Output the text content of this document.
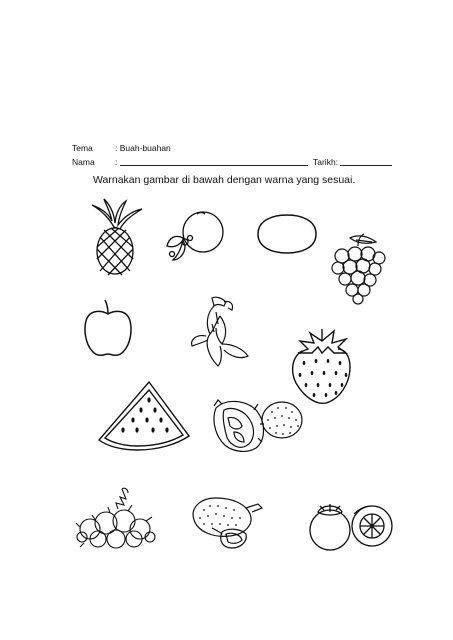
Tema	: Buah-buahan
Nama :	Tarikh:
Warnakan gambar di bawah dengan warna yang sesuai.
